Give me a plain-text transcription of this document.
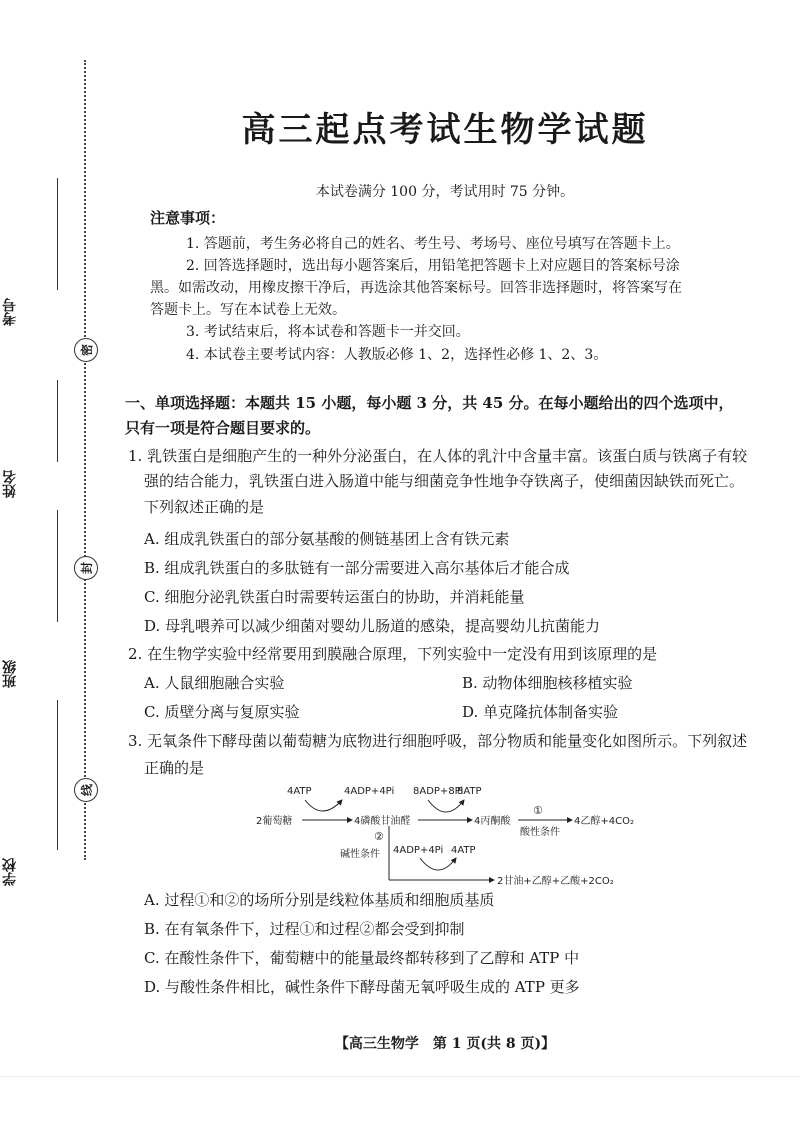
考号
姓名
班级
学校
密
封
线
高三起点考试生物学试题
本试卷满分 100 分，考试用时 75 分钟。
注意事项：
1. 答题前，考生务必将自己的姓名、考生号、考场号、座位号填写在答题卡上。
2. 回答选择题时，选出每小题答案后，用铅笔把答题卡上对应题目的答案标号涂
黑。如需改动，用橡皮擦干净后，再选涂其他答案标号。回答非选择题时，将答案写在
答题卡上。写在本试卷上无效。
3. 考试结束后，将本试卷和答题卡一并交回。
4. 本试卷主要考试内容：人教版必修 1、2，选择性必修 1、2、3。
一、单项选择题：本题共 15 小题，每小题 3 分，共 45 分。在每小题给出的四个选项中，只有一项是符合题目要求的。
1. 乳铁蛋白是细胞产生的一种外分泌蛋白，在人体的乳汁中含量丰富。该蛋白质与铁离子有较
强的结合能力，乳铁蛋白进入肠道中能与细菌竞争性地争夺铁离子，使细菌因缺铁而死亡。
下列叙述正确的是
A. 组成乳铁蛋白的部分氨基酸的侧链基团上含有铁元素
B. 组成乳铁蛋白的多肽链有一部分需要进入高尔基体后才能合成
C. 细胞分泌乳铁蛋白时需要转运蛋白的协助，并消耗能量
D. 母乳喂养可以减少细菌对婴幼儿肠道的感染，提高婴幼儿抗菌能力
2. 在生物学实验中经常要用到膜融合原理，下列实验中一定没有用到该原理的是
A. 人鼠细胞融合实验	B. 动物体细胞核移植实验
C. 质壁分离与复原实验	D. 单克隆抗体制备实验
3. 无氧条件下酵母菌以葡萄糖为底物进行细胞呼吸，部分物质和能量变化如图所示。下列叙述
正确的是
4ATP	4ADP+4Pi 8ADP+8Pi
8ATP
2葡萄糖	4磷酸甘油醛	4丙酮酸
①
4乙醇+4CO₂
酸性条件
②
碱性条件 4ADP+4Pi 4ATP
2甘油+乙醇+乙酸+2CO₂
A. 过程①和②的场所分别是线粒体基质和细胞质基质
B. 在有氧条件下，过程①和过程②都会受到抑制
C. 在酸性条件下，葡萄糖中的能量最终都转移到了乙醇和 ATP 中
D. 与酸性条件相比，碱性条件下酵母菌无氧呼吸生成的 ATP 更多
【高三生物学　第 1 页(共 8 页)】
